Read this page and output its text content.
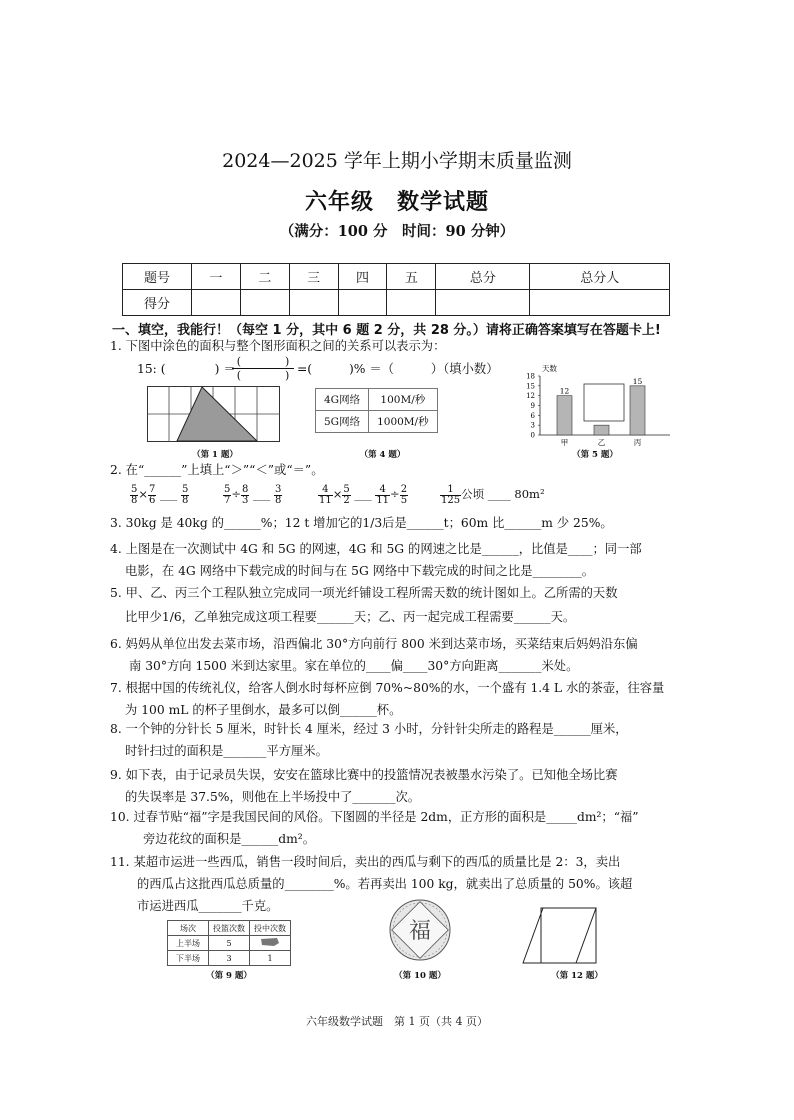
2024—2025 学年上期小学期末质量监测
六年级　数学试题
（满分：100 分　时间：90 分钟）
题号	一	二	三	四	五	总分	总分人
得分							
一、填空，我能行！（每空 1 分，其中 6 题 2 分，共 28 分。）请将正确答案填写在答题卡上!
1. 下图中涂色的面积与整个图形面积之间的关系可以表示为：
15: (　　　　) ＝
(　　　　)
(　　　　) =(　　　)% ＝（　　　）（填小数）
（第 1 题）
4G网络	100M/秒
5G网络	1000M/秒
（第 4 题）
天数
18
15
12
9
6
3
0
12
甲	乙
15
丙
（第 5 题）
2. 在“______”上填上“＞”“＜”或“＝”。
$\frac{5}{8} \times \frac{7}{6}$ ___ $\frac{5}{8}$	$\frac{5}{7} \div \frac{8}{3}$ ___ $\frac{3}{8}$	$\frac{4}{11} \times \frac{5}{2}$ ___ $\frac{4}{11} \div \frac{2}{5}$	$\frac{1}{125}$ 公顷 ____ 80m²
3. 30kg 是 40kg 的______%；12 t 增加它的1/3后是______t；60m 比______m 少 25%。
4. 上图是在一次测试中 4G 和 5G 的网速，4G 和 5G 的网速之比是______，比值是____；同一部
电影，在 4G 网络中下载完成的时间与在 5G 网络中下载完成的时间之比是________。
5. 甲、乙、丙三个工程队独立完成同一项光纤铺设工程所需天数的统计图如上。乙所需的天数
比甲少1/6，乙单独完成这项工程要______天；乙、丙一起完成工程需要______天。
6. 妈妈从单位出发去菜市场，沿西偏北 30°方向前行 800 米到达菜市场，买菜结束后妈妈沿东偏
南 30°方向 1500 米到达家里。家在单位的____偏____30°方向距离_______米处。
7. 根据中国的传统礼仪，给客人倒水时每杯应倒 70%~80%的水，一个盛有 1.4 L 水的茶壶，往容量
为 100 mL 的杯子里倒水，最多可以倒______杯。
8. 一个钟的分针长 5 厘米，时针长 4 厘米，经过 3 小时，分针针尖所走的路程是______厘米，
时针扫过的面积是_______平方厘米。
9. 如下表，由于记录员失误，安安在篮球比赛中的投篮情况表被墨水污染了。已知他全场比赛
的失误率是 37.5%，则他在上半场投中了_______次。
10. 过春节贴“福”字是我国民间的风俗。下图圆的半径是 2dm，正方形的面积是_____dm²；“福”
旁边花纹的面积是______dm²。
11. 某超市运进一些西瓜，销售一段时间后，卖出的西瓜与剩下的西瓜的质量比是 2：3，卖出
的西瓜占这批西瓜总质量的________%。若再卖出 100 kg，就卖出了总质量的 50%。该超
市运进西瓜_______千克。
场次	投篮次数	投中次数
上半场	5	
下半场	3	1
（第 9 题）
福
（第 10 题）	（第 12 题）
六年级数学试题　第 1 页（共 4 页）
